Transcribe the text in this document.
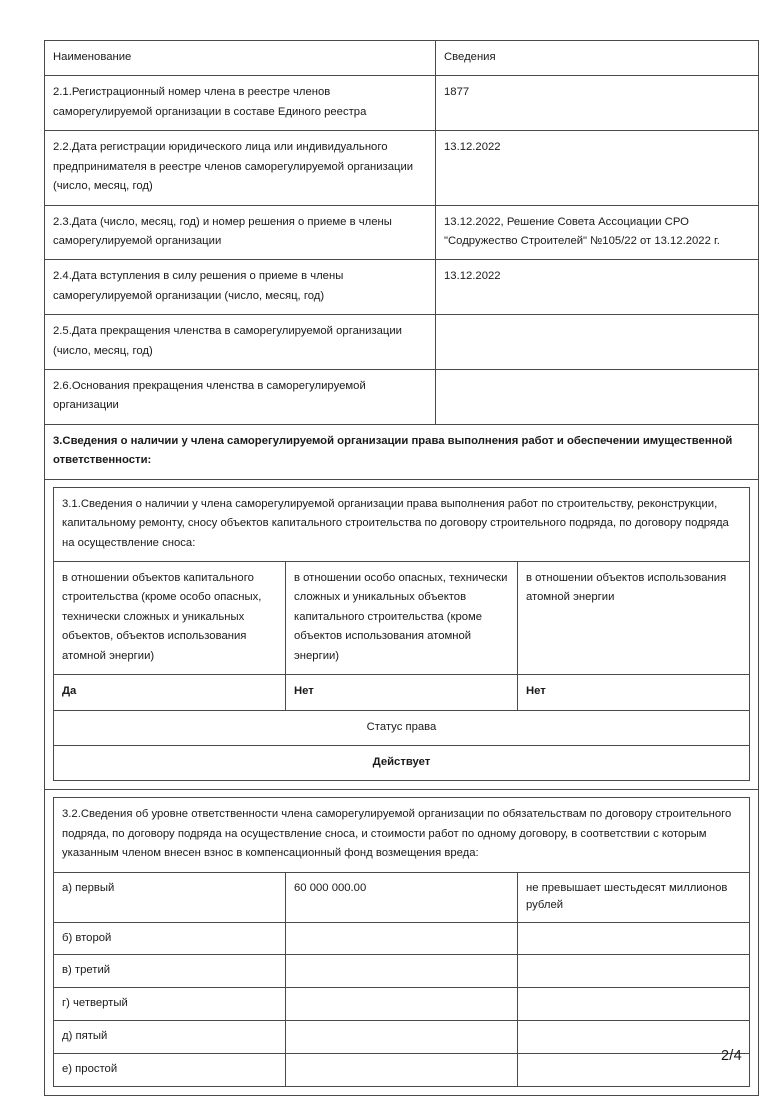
Наименование	Сведения
2.1.Регистрационный номер члена в реестре членов саморегулируемой организации в составе Единого реестра	1877
2.2.Дата регистрации юридического лица или индивидуального предпринимателя в реестре членов саморегулируемой организации (число, месяц, год)	13.12.2022
2.3.Дата (число, месяц, год) и номер решения о приеме в члены саморегулируемой организации	13.12.2022, Решение Совета Ассоциации СРО "Содружество Строителей" №105/22 от 13.12.2022 г.
2.4.Дата вступления в силу решения о приеме в члены саморегулируемой организации (число, месяц, год)	13.12.2022
2.5.Дата прекращения членства в саморегулируемой организации (число, месяц, год)	
2.6.Основания прекращения членства в саморегулируемой организации	
3.Сведения о наличии у члена саморегулируемой организации права выполнения работ и обеспечении имущественной ответственности:

3.1.Сведения о наличии у члена саморегулируемой организации права выполнения работ по строительству, реконструкции, капитальному ремонту, сносу объектов капитального строительства по договору строительного подряда, по договору подряда на осуществление сноса:
в отношении объектов капитального строительства (кроме особо опасных, технически сложных и уникальных объектов, объектов использования атомной энергии)	в отношении особо опасных, технически сложных и уникальных объектов капитального строительства (кроме объектов использования атомной энергии)	в отношении объектов использования атомной энергии
Да	Нет	Нет
Статус права
Действует

3.2.Сведения об уровне ответственности члена саморегулируемой организации по обязательствам по договору строительного подряда, по договору подряда на осуществление сноса, и стоимости работ по одному договору, в соответствии с которым указанным членом внесен взнос в компенсационный фонд возмещения вреда:
а) первый	60 000 000.00	не превышает шестьдесят миллионов рублей
б) второй		
в) третий		
г) четвертый		
д) пятый		
е) простой		
2/4
